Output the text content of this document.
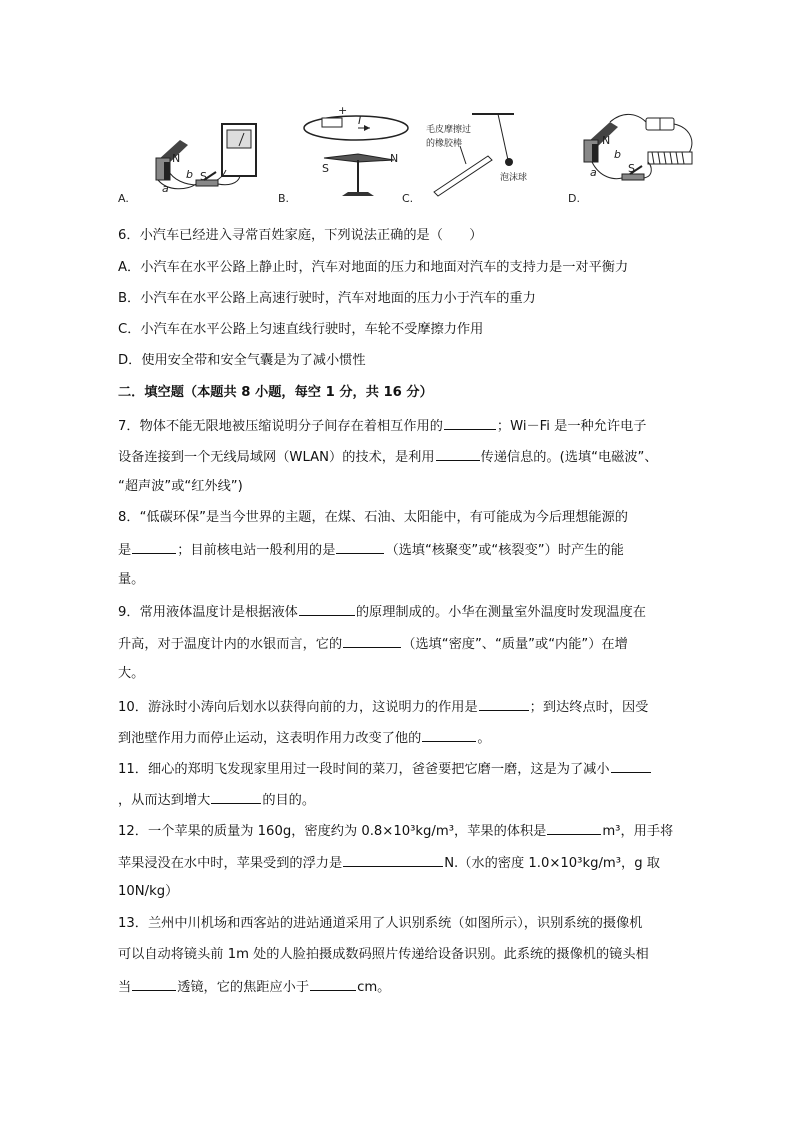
N
b
a
S
A.
+
I
S
N
B.
毛皮摩擦过
的橡胶棒
泡沫球
C.
N
b
a	S
D.
6．小汽车已经进入寻常百姓家庭，下列说法正确的是（　　）
A．小汽车在水平公路上静止时，汽车对地面的压力和地面对汽车的支持力是一对平衡力
B．小汽车在水平公路上高速行驶时，汽车对地面的压力小于汽车的重力
C．小汽车在水平公路上匀速直线行驶时，车轮不受摩擦力作用
D．使用安全带和安全气囊是为了减小惯性
二．填空题（本题共 8 小题，每空 1 分，共 16 分）
7．物体不能无限地被压缩说明分子间存在着相互作用的	；Wi－Fi 是一种允许电子
设备连接到一个无线局域网（WLAN）的技术，是利用	传递信息的。(选填“电磁波”、
“超声波”或“红外线”)
8．“低碳环保”是当今世界的主题，在煤、石油、太阳能中，有可能成为今后理想能源的
是	；目前核电站一般利用的是	（选填“核聚变”或“核裂变”）时产生的能
量。
9．常用液体温度计是根据液体	的原理制成的。小华在测量室外温度时发现温度在
升高，对于温度计内的水银而言，它的	（选填“密度”、“质量”或“内能”）在增
大。
10．游泳时小涛向后划水以获得向前的力，这说明力的作用是	；到达终点时，因受
到池壁作用力而停止运动，这表明作用力改变了他的	。
11．细心的郑明飞发现家里用过一段时间的菜刀，爸爸要把它磨一磨，这是为了减小
，从而达到增大	的目的。
12．一个苹果的质量为 160g，密度约为 0.8×10³kg/m³，苹果的体积是	m³，用手将
苹果浸没在水中时，苹果受到的浮力是	N.（水的密度 1.0×10³kg/m³，g 取
10N/kg）
13．兰州中川机场和西客站的进站通道采用了人识别系统（如图所示），识别系统的摄像机
可以自动将镜头前 1m 处的人脸拍摄成数码照片传递给设备识别。此系统的摄像机的镜头相
当	透镜，它的焦距应小于	cm。
